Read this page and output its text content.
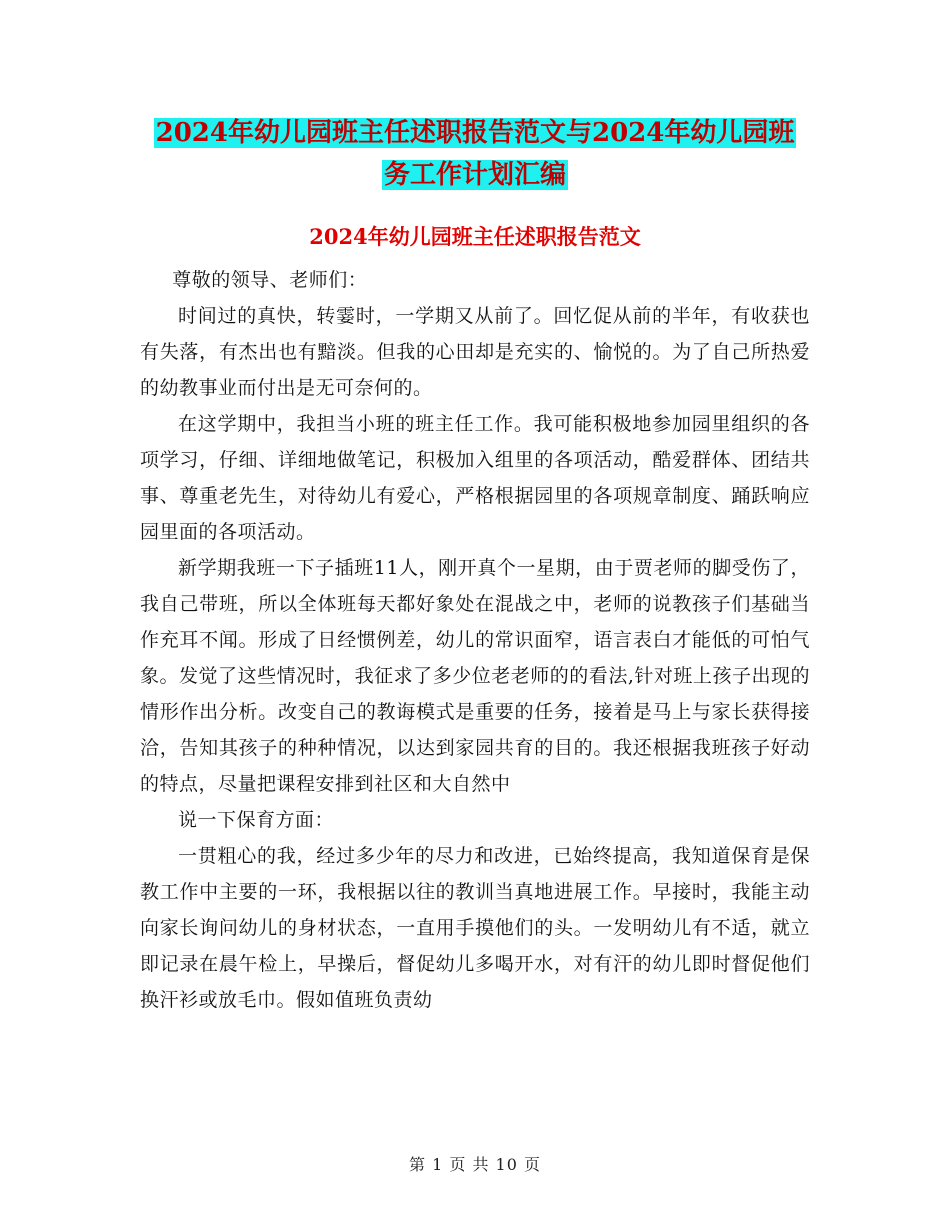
2024年幼儿园班主任述职报告范文与2024年幼儿园班
务工作计划汇编
2024年幼儿园班主任述职报告范文

尊敬的领导、老师们：

时间过的真快，转霎时，一学期又从前了。回忆促从前的半年，有收获也有失落，有杰出也有黯淡。但我的心田却是充实的、愉悦的。为了自己所热爱的幼教事业而付出是无可奈何的。

在这学期中，我担当小班的班主任工作。我可能积极地参加园里组织的各项学习，仔细、详细地做笔记，积极加入组里的各项活动，酷爱群体、团结共事、尊重老先生，对待幼儿有爱心，严格根据园里的各项规章制度、踊跃响应园里面的各项活动。

新学期我班一下子插班11人，刚开真个一星期，由于贾老师的脚受伤了，我自己带班，所以全体班每天都好象处在混战之中，老师的说教孩子们基础当作充耳不闻。形成了日经惯例差，幼儿的常识面窄，语言表白才能低的可怕气象。发觉了这些情况时，我征求了多少位老老师的的看法,针对班上孩子出现的情形作出分析。改变自己的教诲模式是重要的任务，接着是马上与家长获得接洽，告知其孩子的种种情况，以达到家园共育的目的。我还根据我班孩子好动的特点，尽量把课程安排到社区和大自然中

说一下保育方面：

一贯粗心的我，经过多少年的尽力和改进，已始终提高，我知道保育是保教工作中主要的一环，我根据以往的教训当真地进展工作。早接时，我能主动向家长询问幼儿的身材状态，一直用手摸他们的头。一发明幼儿有不适，就立即记录在晨午检上，早操后，督促幼儿多喝开水，对有汗的幼儿即时督促他们换汗衫或放毛巾。假如值班负责幼

第 1 页 共 10 页
